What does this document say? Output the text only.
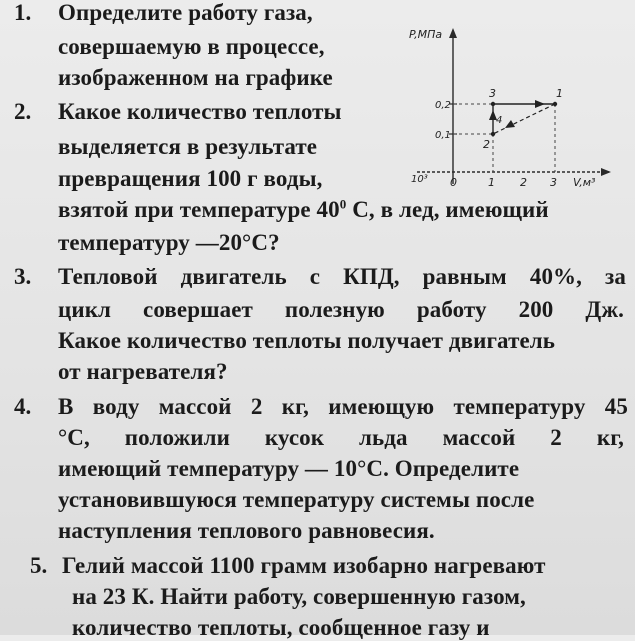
1. Определите работу газа,
совершаемую в процессе,
изображенном на графике
2. Какое количество теплоты
выделяется в результате
превращения 100 г воды,
взятой при температуре $40^0$ С, в лед, имеющий
температуру —20°С?
3. Тепловой двигатель с КПД, равным 40%, за
цикл совершает полезную работу 200 Дж.
Какое количество теплоты получает двигатель
от нагревателя?
4. В воду массой 2 кг, имеющую температуру 45
°С, положили кусок льда массой 2 кг,
имеющий температуру — 10°С. Определите
установившуюся температуру системы после
наступления теплового равновесия.
5. Гелий массой 1100 грамм изобарно нагревают
на 23 К. Найти работу, совершенную газом,
количество теплоты, сообщенное газу и
P,МПа
V,м³
0,2
0,1
10³ 0	1 2 3
3	1
2
4
